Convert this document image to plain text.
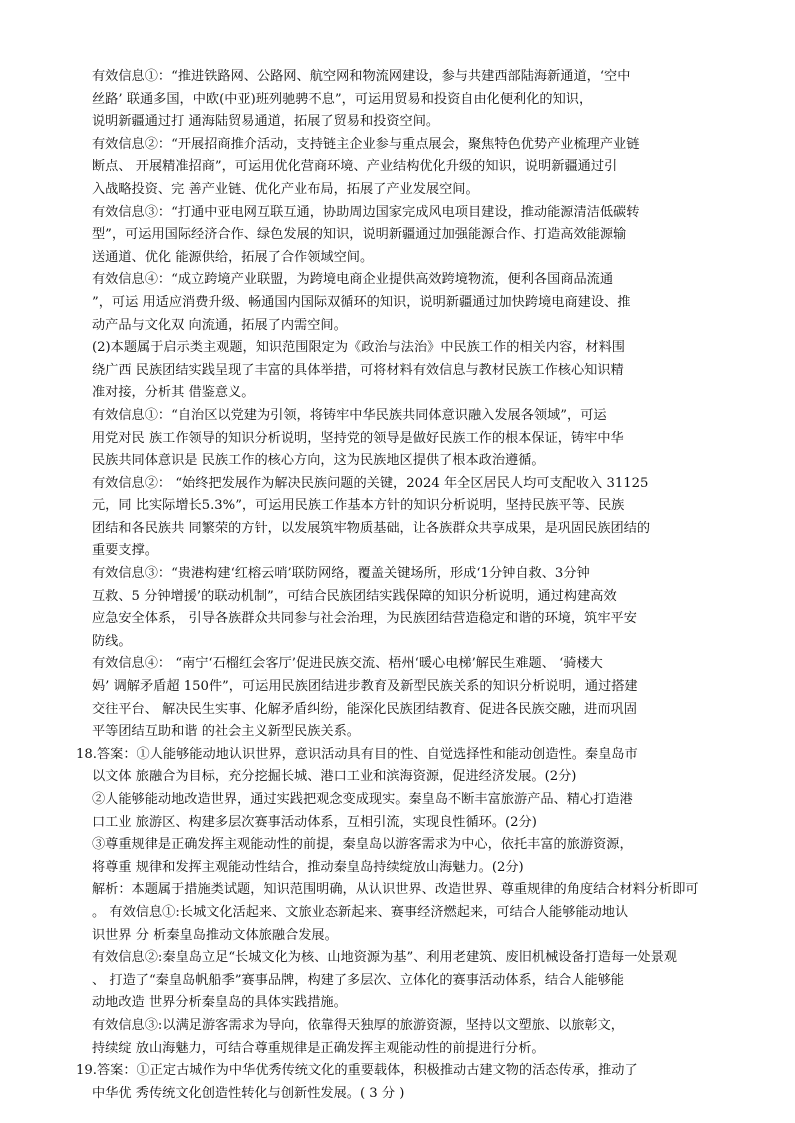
有效信息①：“推进铁路网、公路网、航空网和物流网建设，参与共建西部陆海新通道，‘空中
丝路’ 联通多国，中欧(中亚)班列驰骋不息”，可运用贸易和投资自由化便利化的知识，
说明新疆通过打 通海陆贸易通道，拓展了贸易和投资空间。
有效信息②：“开展招商推介活动，支持链主企业参与重点展会，聚焦特色优势产业梳理产业链
断点、 开展精准招商”，可运用优化营商环境、产业结构优化升级的知识，说明新疆通过引
入战略投资、完 善产业链、优化产业布局，拓展了产业发展空间。
有效信息③：“打通中亚电网互联互通，协助周边国家完成风电项目建设，推动能源清洁低碳转
型”，可运用国际经济合作、绿色发展的知识，说明新疆通过加强能源合作、打造高效能源输
送通道、优化 能源供给，拓展了合作领域空间。
有效信息④：“成立跨境产业联盟，为跨境电商企业提供高效跨境物流，便利各国商品流通
”，可运 用适应消费升级、畅通国内国际双循环的知识，说明新疆通过加快跨境电商建设、推
动产品与文化双 向流通，拓展了内需空间。
(2)本题属于启示类主观题，知识范围限定为《政治与法治》中民族工作的相关内容，材料围
绕广西 民族团结实践呈现了丰富的具体举措，可将材料有效信息与教材民族工作核心知识精
准对接，分析其 借鉴意义。
有效信息①：“自治区以党建为引领，将铸牢中华民族共同体意识融入发展各领域”，可运
用党对民 族工作领导的知识分析说明，坚持党的领导是做好民族工作的根本保证，铸牢中华
民族共同体意识是 民族工作的核心方向，这为民族地区提供了根本政治遵循。
有效信息②： “始终把发展作为解决民族问题的关键，2024 年全区居民人均可支配收入 31125
元，同 比实际增长5.3%”，可运用民族工作基本方针的知识分析说明，坚持民族平等、民族
团结和各民族共 同繁荣的方针，以发展筑牢物质基础，让各族群众共享成果，是巩固民族团结的
重要支撑。
有效信息③：“贵港构建‘红榕云哨’联防网络，覆盖关键场所，形成‘1分钟自救、3分钟
互救、5 分钟增援’的联动机制”，可结合民族团结实践保障的知识分析说明，通过构建高效
应急安全体系， 引导各族群众共同参与社会治理，为民族团结营造稳定和谐的环境，筑牢平安
防线。
有效信息④： “南宁‘石榴红会客厅’促进民族交流、梧州‘暖心电梯’解民生难题、 ‘骑楼大
妈’ 调解矛盾超 150件”，可运用民族团结进步教育及新型民族关系的知识分析说明，通过搭建
交往平台、 解决民生实事、化解矛盾纠纷，能深化民族团结教育、促进各民族交融，进而巩固
平等团结互助和谐 的社会主义新型民族关系。
18.答案：①人能够能动地认识世界，意识活动具有目的性、自觉选择性和能动创造性。秦皇岛市
以文体 旅融合为目标，充分挖掘长城、港口工业和滨海资源，促进经济发展。(2分)
②人能够能动地改造世界，通过实践把观念变成现实。秦皇岛不断丰富旅游产品、精心打造港
口工业 旅游区、构建多层次赛事活动体系，互相引流，实现良性循环。(2分)
③尊重规律是正确发挥主观能动性的前提，秦皇岛以游客需求为中心，依托丰富的旅游资源，
将尊重 规律和发挥主观能动性结合，推动秦皇岛持续绽放山海魅力。(2分)
解析：本题属于措施类试题，知识范围明确，从认识世界、改造世界、尊重规律的角度结合材料分析即可
。 有效信息①:长城文化活起来、文旅业态新起来、赛事经济燃起来，可结合人能够能动地认
识世界 分 析秦皇岛推动文体旅融合发展。
有效信息②:秦皇岛立足“长城文化为核、山地资源为基”、利用老建筑、废旧机械设备打造每一处景观
、 打造了“秦皇岛帆船季”赛事品牌，构建了多层次、立体化的赛事活动体系，结合人能够能
动地改造 世界分析秦皇岛的具体实践措施。
有效信息③:以满足游客需求为导向，依靠得天独厚的旅游资源，坚持以文塑旅、以旅彰文，
持续绽 放山海魅力，可结合尊重规律是正确发挥主观能动性的前提进行分析。
19.答案：①正定古城作为中华优秀传统文化的重要载体，积极推动古建文物的活态传承，推动了
中华优 秀传统文化创造性转化与创新性发展。( 3 分 )
